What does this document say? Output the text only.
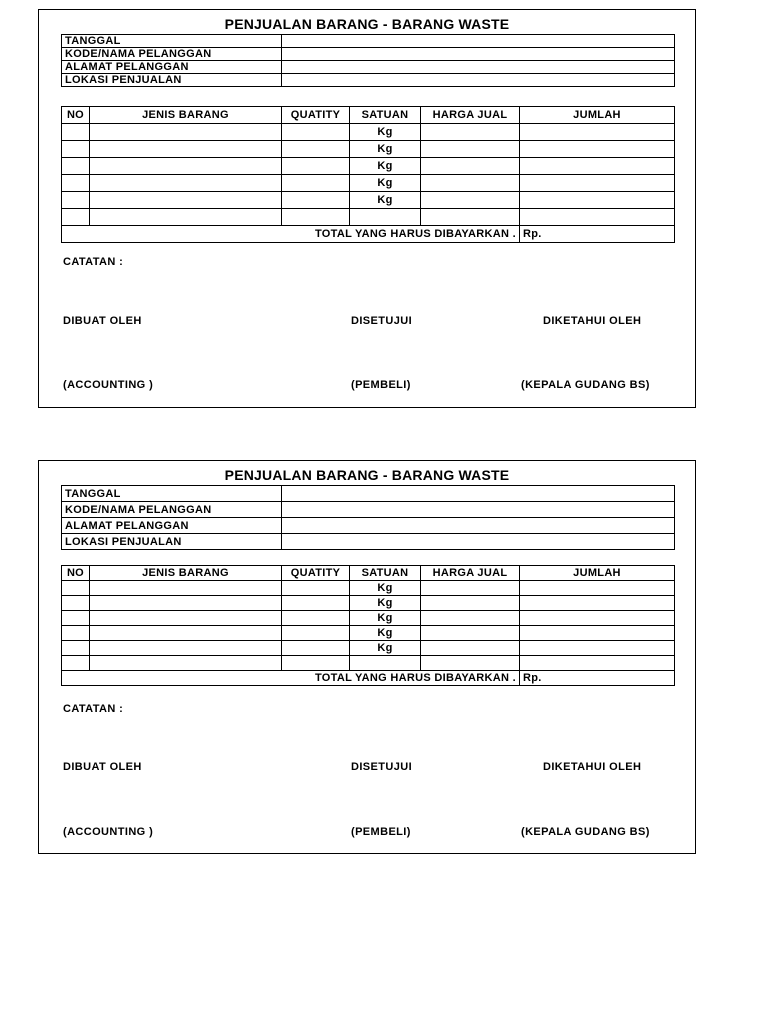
PENJUALAN BARANG - BARANG WASTE
TANGGAL	
KODE/NAMA PELANGGAN	
ALAMAT PELANGGAN	
LOKASI PENJUALAN	
NO	JENIS BARANG	QUATITY	SATUAN	HARGA JUAL	JUMLAH
			Kg		
			Kg		
			Kg		
			Kg		
			Kg		

TOTAL YANG HARUS DIBAYARKAN .					Rp.
CATATAN :
DIBUAT OLEH	DISETUJUI	DIKETAHUI OLEH
(ACCOUNTING )	(PEMBELI)	(KEPALA GUDANG BS)
PENJUALAN BARANG - BARANG WASTE
TANGGAL	
KODE/NAMA PELANGGAN	
ALAMAT PELANGGAN	
LOKASI PENJUALAN	
NO	JENIS BARANG	QUATITY	SATUAN	HARGA JUAL	JUMLAH
			Kg		
			Kg		
			Kg		
			Kg		
			Kg		

TOTAL YANG HARUS DIBAYARKAN .					Rp.
CATATAN :
DIBUAT OLEH	DISETUJUI	DIKETAHUI OLEH
(ACCOUNTING )	(PEMBELI)	(KEPALA GUDANG BS)
